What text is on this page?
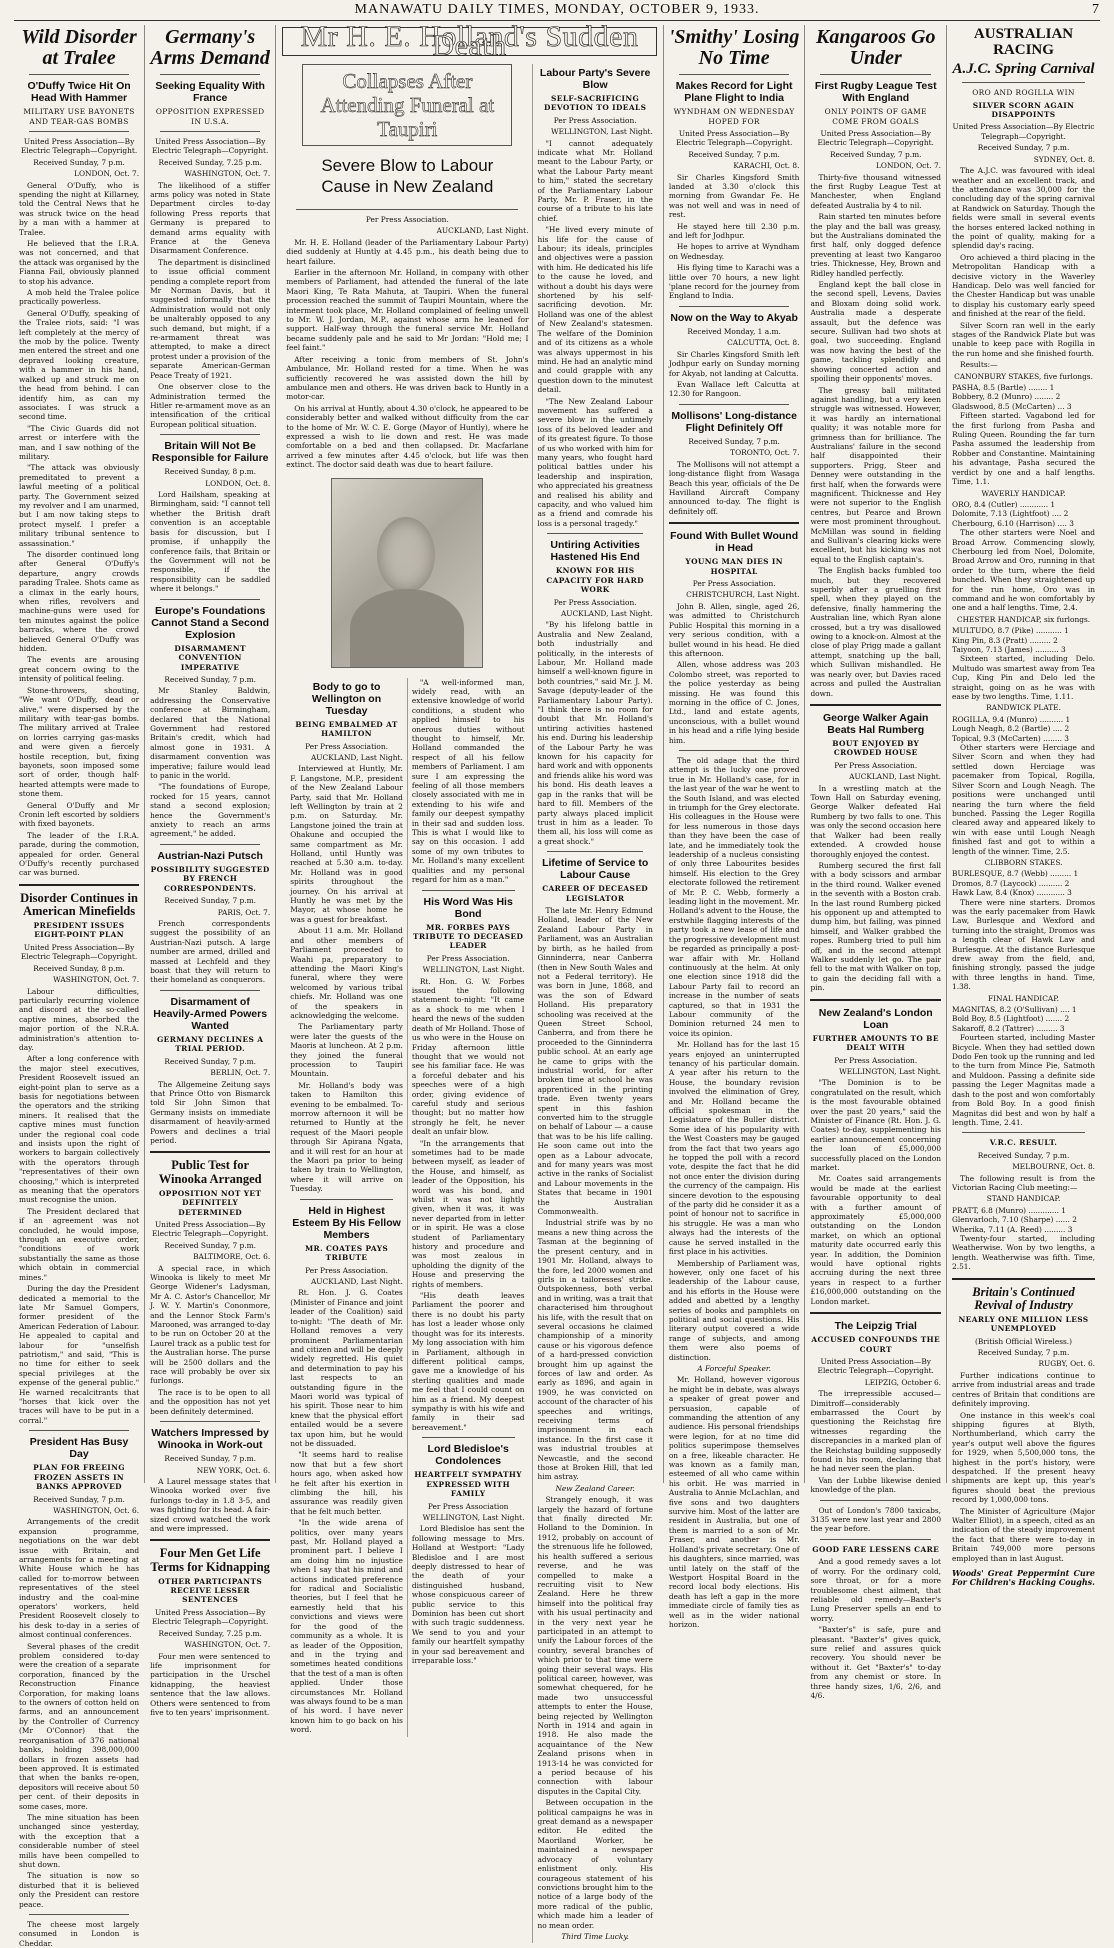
MANAWATU DAILY TIMES, MONDAY, OCTOBER 9, 1933.	7
Wild Disorder at Tralee
O'Duffy Twice Hit On Head With Hammer
MILITARY USE BAYONETS AND TEAR-GAS BOMBS
United Press Association—By Electric Telegraph—Copyright.
Received Sunday, 7 p.m.
LONDON, Oct. 7.

General O'Duffy, who is spending the night at Killarney, told the Central News that he was struck twice on the head by a man with a hammer at Tralee.

He believed that the I.R.A. was not concerned, and that the attack was organised by the Fianna Fail, obviously planned to stop his advance.

A mob held the Tralee police practically powerless.

General O'Duffy, speaking of the Tralee riots, said: "I was left completely at the mercy of the mob by the police. Twenty men entered the street and one depraved looking creature, with a hammer in his hand, walked up and struck me on the head from behind. I can identify him, as can my associates. I was struck a second time.

"The Civic Guards did not arrest or interfere with the man, and I saw nothing of the military.

"The attack was obviously premeditated to prevent a lawful meeting of a political party. The Government seized my revolver and I am unarmed, but I am now taking steps to protect myself. I prefer a military tribunal sentence to assassination."

The disorder continued long after General O'Duffy's departure, angry crowds parading Tralee. Shots came as a climax in the early hours, when rifles, revolvers and machine-guns were used for ten minutes against the police barracks, where the crowd believed General O'Duffy was hidden.

The events are arousing great concern owing to the intensity of political feeling.

Stone-throwers, shouting, "We want O'Duffy, dead or alive," were dispersed by the military with tear-gas bombs. The military arrived at Tralee on lorries carrying gas-masks and were given a fiercely hostile reception, but, fixing bayonets, soon imposed some sort of order, though half-hearted attempts were made to stone them.

General O'Duffy and Mr Cronin left escorted by soldiers with fixed bayonets.

The leader of the I.R.A. parade, during the commotion, appealed for order. General O'Duffy's recently purchased car was burned.

Disorder Continues in American Minefields
PRESIDENT ISSUES EIGHT-POINT PLAN
United Press Association—By Electric Telegraph—Copyright.
Received Sunday, 8 p.m.
WASHINGTON, Oct. 7.

Labour difficulties, particularly recurring violence and discord at the so-called captive mines, absorbed the major portion of the N.R.A. administration's attention to-day.

After a long conference with the major steel executives, President Roosevelt issued an eight-point plan to serve as a basis for negotiations between the operators and the striking miners. It realised that the captive mines must function under the regional coal code and insists upon the right of workers to bargain collectively with the operators through "representatives of their own choosing," which is interpreted as meaning that the operators must recognise the union.

The President declared that if an agreement was not concluded, he would impose, through an executive order, "conditions of work substantially the same as those which obtain in commercial mines."

During the day the President dedicated a memorial to the late Mr Samuel Gompers, former president of the American Federation of Labour. He appealed to capital and labour for "unselfish patriotism," and said, "This is no time for either to seek special privileges at the expense of the general public." He warned recalcitrants that "horses that kick over the traces will have to be put in a corral."

President Has Busy Day
PLAN FOR FREEING FROZEN ASSETS IN BANKS APPROVED
Received Sunday, 7 p.m.
WASHINGTON, Oct. 6.

Arrangements of the credit expansion programme, negotiations on the war debt issue with Britain, and arrangements for a meeting at White House which he has called for to-morrow between representatives of the steel industry and the coal-mine operators' workers, held President Roosevelt closely to his desk to-day in a series of almost continual conferences.

Several phases of the credit problem considered to-day were the creation of a separate corporation, financed by the Reconstruction Finance Corporation, for making loans to the owners of cotton held on farms, and an announcement by the Controller of Currency (Mr O'Connor) that the reorganisation of 376 national banks, holding 398,000,000 dollars in frozen assets had been approved. It is estimated that when the banks re-open, depositors will receive about 50 per cent. of their deposits in some cases, more.

The mine situation has been unchanged since yesterday, with the exception that a considerable number of steel mills have been compelled to shut down.

The situation is now so disturbed that it is believed only the President can restore peace.

The cheese most largely consumed in London is Cheddar.

Germany's Arms Demand
Seeking Equality With France
OPPOSITION EXPRESSED IN U.S.A.
United Press Association—By Electric Telegraph—Copyright.
Received Sunday, 7.25 p.m.
WASHINGTON, Oct. 7.

The likelihood of a stiffer arms policy was noted in State Department circles to-day following Press reports that Germany is prepared to demand arms equality with France at the Geneva Disarmament Conference.

The department is disinclined to issue official comment pending a complete report from Mr Norman Davis, but it suggested informally that the Administration would not only be unalterably opposed to any such demand, but might, if a re-armament threat was attempted, to make a direct protest under a provision of the separate American-German Peace Treaty of 1921.

One observer close to the Administration termed the Hitler re-armament move as an intensification of the critical European political situation.

Britain Will Not Be Responsible for Failure
Received Sunday, 8 p.m.
LONDON, Oct. 8.

Lord Hailsham, speaking at Birmingham, said: "I cannot tell whether the British draft convention is an acceptable basis for discussion, but I promise, if unhappily the conference fails, that Britain or the Government will not be responsible, if the responsibility can be saddled where it belongs."

Europe's Foundations Cannot Stand a Second Explosion
DISARMAMENT CONVENTION IMPERATIVE
Received Sunday, 7 p.m.

Mr Stanley Baldwin, addressing the Conservative conference at Birmingham, declared that the National Government had restored Britain's credit, which had almost gone in 1931. A disarmament convention was imperative; failure would lead to panic in the world.

"The foundations of Europe, rocked for 15 years, cannot stand a second explosion; hence the Government's anxiety to reach an arms agreement," he added.

Austrian-Nazi Putsch
POSSIBILITY SUGGESTED BY FRENCH CORRESPONDENTS.
Received Sunday, 7 p.m.
PARIS, Oct. 7.

French correspondents suggest the possibility of an Austrian-Nazi putsch. A large number are armed, drilled and massed at Lechfeld and they boast that they will return to their homeland as conquerors.

Disarmament of Heavily-Armed Powers Wanted
GERMANY DECLINES A TRIAL PERIOD.
Received Sunday, 7 p.m.
BERLIN, Oct. 7.

The Allgemeine Zeitung says that Prince Otto von Bismarck told Sir John Simon that Germany insists on immediate disarmament of heavily-armed Powers and declines a trial period.

Public Test for Winooka Arranged
OPPOSITION NOT YET DEFINITELY DETERMINED
United Press Association—By Electric Telegraph—Copyright.
Received Sunday, 7 p.m.
BALTIMORE, Oct. 6.

A special race, in which Winooka is likely to meet Mr George Widener's Ladysman, Mr A. C. Astor's Chancellor, Mr J. W. Y. Martin's Cononmore, and the Lennor Stock Farm's Marooned, was arranged to-day to be run on October 20 at the Laurel track as a public test for the Australian horse. The purse will be 2500 dollars and the race will probably be over six furlongs.

The race is to be open to all and the opposition has not yet been definitely determined.

Watchers Impressed by Winooka in Work-out
Received Sunday, 7 p.m.
NEW YORK, Oct. 6.

A Laurel message states that Winooka worked over five furlongs to-day in 1.8 3-5, and was fighting for its head. A fair-sized crowd watched the work and were impressed.

Four Men Get Life Terms for Kidnapping
OTHER PARTICIPANTS RECEIVE LESSER SENTENCES
United Press Association—By Electric Telegraph—Copyright.
Received Sunday, 7.25 p.m.
WASHINGTON, Oct. 7.

Four men were sentenced to life imprisonment for participation in the Urschel kidnapping, the heaviest sentence that the law allows. Others were sentenced to from five to ten years' imprisonment.

Mr H. E. Holland's Sudden Death
Collapses After Attending Funeral at Taupiri
Severe Blow to Labour Cause in New Zealand
Per Press Association.
AUCKLAND, Last Night.

Mr. H. E. Holland (leader of the Parliamentary Labour Party) died suddenly at Huntly at 4.45 p.m., his death being due to heart failure.

Earlier in the afternoon Mr. Holland, in company with other members of Parliament, had attended the funeral of the late Maori King, Te Rata Mahuta, at Taupiri. When the funeral procession reached the summit of Taupiri Mountain, where the interment took place, Mr. Holland complained of feeling unwell to Mr. W. J. Jordan, M.P., against whose arm he leaned for support. Half-way through the funeral service Mr. Holland became suddenly pale and he said to Mr Jordan: "Hold me; I feel faint."

After receiving a tonic from members of St. John's Ambulance, Mr. Holland rested for a time. When he was sufficiently recovered he was assisted down the hill by ambulance men and others. He was driven back to Huntly in a motor-car.

On his arrival at Huntly, about 4.30 o'clock, he appeared to be considerably better and walked without difficulty from the car to the home of Mr. W. C. E. Gorge (Mayor of Huntly), where he expressed a wish to lie down and rest. He was made comfortable on a bed and then collapsed. Dr. Macfarlane arrived a few minutes after 4.45 o'clock, but life was then extinct. The doctor said death was due to heart failure.

Body to go to Wellington on Tuesday
BEING EMBALMED AT HAMILTON
Per Press Association.
AUCKLAND, Last Night.

Interviewed at Huntly, Mr. F. Langstone, M.P., president of the New Zealand Labour Party, said that Mr. Holland left Wellington by train at 2 p.m. on Saturday. Mr. Langstone joined the train at Ohakune and occupied the same compartment as Mr. Holland, until Huntly was reached at 5.30 a.m. to-day. Mr. Holland was in good spirits throughout the journey. On his arrival at Huntly he was met by the Mayor, at whose home he was a guest for breakfast.

About 11 a.m. Mr. Holland and other members of Parliament proceeded to Waahi pa, preparatory to attending the Maori King's funeral, where they were welcomed by various tribal chiefs. Mr. Holland was one of the speakers in acknowledging the welcome.

The Parliamentary party were later the guests of the Maoris at luncheon. At 2 p.m. they joined the funeral procession to Taupiri Mountain.

Mr. Holland's body was taken to Hamilton this evening to be embalmed. To-morrow afternoon it will be returned to Huntly at the request of the Maori people through Sir Apirana Ngata, and it will rest for an hour at the Maori pa prior to being taken by train to Wellington, where it will arrive on Tuesday.

Held in Highest Esteem By His Fellow Members
MR. COATES PAYS TRIBUTE
Per Press Association.
AUCKLAND, Last Night.

Rt. Hon. J. G. Coates (Minister of Finance and joint leader of the Coalition) said to-night: "The death of Mr. Holland removes a very prominent Parliamentarian and citizen and will be deeply widely regretted. His quiet and determination to pay his last respects to an outstanding figure in the Maori world was typical of his spirit. Those near to him knew that the physical effort entailed would be a severe tax upon him, but he would not be dissuaded.

"It seems hard to realise now that but a few short hours ago, when asked how he felt after his exertion in climbing the hill, his assurance was readily given that he felt much better.

"In the wide arena of politics, over many years past, Mr. Holland played a prominent part. I believe I am doing him no injustice when I say that his mind and actions indicated preference for radical and Socialistic theories, but I feel that he earnestly held that his convictions and views were for the good of the community as a whole. It is as leader of the Opposition, and in the trying and sometimes heated conditions that the test of a man is often applied. Under those circumstances Mr. Holland was always found to be a man of his word. I have never known him to go back on his word.

"A well-informed man, widely read, with an extensive knowledge of world conditions, a student who applied himself to his onerous duties without thought to himself, Mr. Holland commanded the respect of all his fellow members of Parliament. I am sure I am expressing the feeling of all those members closely associated with me in extending to his wife and family our deepest sympathy in their sad and sudden loss. This is what I would like to say on this occasion. I add some of my own tributes to Mr. Holland's many excellent qualities and my personal regard for him as a man."

His Word Was His Bond
MR. FORBES PAYS TRIBUTE TO DECEASED LEADER
Per Press Association.
WELLINGTON, Last Night.

Rt. Hon. G. W. Forbes issued the following statement to-night: "It came as a shock to me when I heard the news of the sudden death of Mr Holland. Those of us who were in the House on Friday afternoon little thought that we would not see his familiar face. He was a forceful debater and his speeches were of a high order, giving evidence of careful study and serious thought; but no matter how strongly he felt, he never dealt an unfair blow.

"In the arrangements that sometimes had to be made between myself, as leader of the House, and himself, as leader of the Opposition, his word was his bond, and whilst it was not lightly given, when it was, it was never departed from in letter or in spirit. He was a close student of Parliamentary history and procedure and was most zealous in upholding the dignity of the House and preserving the rights of members.

"His death leaves Parliament the poorer and there is no doubt his party has lost a leader whose only thought was for its interests. My long association with him in Parliament, although in different political camps, gave me a knowledge of his sterling qualities and made me feel that I could count on him as a friend. My deepest sympathy is with his wife and family in their sad bereavement."

Lord Bledisloe's Condolences
HEARTFELT SYMPATHY EXPRESSED WITH FAMILY
Per Press Association
WELLINGTON, Last Night.

Lord Bledisloe has sent the following message to Mrs. Holland at Westport: "Lady Bledisloe and I are most deeply distressed to hear of the death of your distinguished husband, whose conspicuous career of public service to this Dominion has been cut short with such tragic suddenness. We send to you and your family our heartfelt sympathy in your sad bereavement and irreparable loss."

Labour Party's Severe Blow
SELF-SACRIFICING DEVOTION TO IDEALS
Per Press Association.
WELLINGTON, Last Night.

"I cannot adequately indicate what Mr. Holland meant to the Labour Party, or what the Labour Party meant to him," stated the secretary of the Parliamentary Labour Party, Mr. P. Fraser, in the course of a tribute to his late chief.

"He lived every minute of his life for the cause of Labour; its ideals, principles and objectives were a passion with him. He dedicated his life to the cause he loved, and without a doubt his days were shortened by his self-sacrificing devotion. Mr. Holland was one of the ablest of New Zealand's statesmen. The welfare of the Dominion and of its citizens as a whole was always uppermost in his mind. He had an analytic mind and could grapple with any question down to the minutest detail.

"The New Zealand Labour movement has suffered a severe blow in the untimely loss of its beloved leader and of its greatest figure. To those of us who worked with him for many years, who fought hard political battles under his leadership and inspiration, who appreciated his greatness and realised his ability and capacity, and who valued him as a friend and comrade his loss is a personal tragedy."

Untiring Activities Hastened His End
KNOWN FOR HIS CAPACITY FOR HARD WORK
Per Press Association.
AUCKLAND, Last Night.

"By his lifelong battle in Australia and New Zealand, both industrially and politically, in the interests of Labour, Mr. Holland made himself a well-known figure in both countries," said Mr. J. M. Savage (deputy-leader of the Parliamentary Labour Party). "I think there is no room for doubt that Mr. Holland's untiring activities hastened his end. During his leadership of the Labour Party he was known for his capacity for hard work and with opponents and friends alike his word was his bond. His death leaves a gap in the ranks that will be hard to fill. Members of the party always placed implicit trust in him as a leader. To them all, his loss will come as a great shock."

Lifetime of Service to Labour Cause
CAREER OF DECEASED LEGISLATOR

The late Mr. Henry Edmund Holland, leader of the New Zealand Labour Party in Parliament, was an Australian by birth, as he hailed from Ginninderra, near Canberra (then in New South Wales and not a Federal territory). He was born in June, 1868, and was the son of Edward Holland. His preparatory schooling was received at the Queen Street School, Canberra, and from there he proceeded to the Ginninderra public school. At an early age he came to grips with the industrial world, for after broken time at school he was apprenticed in the printing trade. Even twenty years spent in this fashion converted him to the struggle on behalf of Labour — a cause that was to be his life calling. He soon came out into the open as a Labour advocate, and for many years was most active in the ranks of Socialist and Labour movements in the States that became in 1901 the Australian Commonwealth.

Industrial strife was by no means a new thing across the Tasman at the beginning of the present century, and in 1901 Mr. Holland, always to the fore, led 2000 women and girls in a tailoresses' strike. Outspokenness, both verbal and in writing, was a trait that characterised him throughout his life, with the result that on several occasions he claimed championship of a minority cause or his vigorous defence of a hard-pressed conviction brought him up against the forces of law and order. As early as 1896, and again in 1909, he was convicted on account of the character of his speeches and writings, receiving terms of imprisonment in each instance. In the first case it was industrial troubles at Newcastle, and the second those at Broken Hill, that led him astray.

New Zealand Career.

Strangely enough, it was largely the hazard of fortune that finally directed Mr. Holland to the Dominion. In 1912, probably on account of the strenuous life he followed, his health suffered a serious reverse, and he was compelled to make a recruiting visit to New Zealand. Here he threw himself into the political fray with his usual pertinacity and in the very next year he participated in an attempt to unify the Labour forces of the country, several branches of which prior to that time were going their several ways. His political career, however, was somewhat chequered, for he made two unsuccessful attempts to enter the House, being rejected by Wellington North in 1914 and again in 1918. He also made the acquaintance of the New Zealand prisons when in 1913-14 he was convicted for a period because of his connection with labour disputes in the Capital City.

Between occupation in the political campaigns he was in great demand as a newspaper editor. He edited the Maoriland Worker, he maintained a newspaper advocacy of voluntary enlistment only. His courageous statement of his convictions brought him to the notice of a large body of the more radical of the public, which made him a leader of no mean order.

Third Time Lucky.
'Smithy' Losing No Time
Makes Record for Light Plane Flight to India
WYNDHAM ON WEDNESDAY HOPED FOR
United Press Association—By Electric Telegraph—Copyright.
Received Sunday, 7 p.m.
KARACHI, Oct. 8.

Sir Charles Kingsford Smith landed at 3.30 o'clock this morning from Gwandar Fe. He was not well and was in need of rest.

He stayed here till 2.30 p.m. and left for Jodhpur.

He hopes to arrive at Wyndham on Wednesday.

His flying time to Karachi was a little over 70 hours, a new light 'plane record for the journey from England to India.

Now on the Way to Akyab
Received Monday, 1 a.m.
CALCUTTA, Oct. 8.

Sir Charles Kingsford Smith left Jodhpur early on Sunday morning for Akyab, not landing at Calcutta.

Evan Wallace left Calcutta at 12.30 for Rangoon.

Mollisons' Long-distance Flight Definitely Off
Received Sunday, 7 p.m.
TORONTO, Oct. 7.

The Mollisons will not attempt a long-distance flight from Wasaga Beach this year, officials of the De Havilland Aircraft Company announced to-day. The flight is definitely off.

Found With Bullet Wound in Head
YOUNG MAN DIES IN HOSPITAL
Per Press Association.
CHRISTCHURCH, Last Night.

John B. Allen, single, aged 26, was admitted to Christchurch Public Hospital this morning in a very serious condition, with a bullet wound in his head. He died this afternoon.

Allen, whose address was 203 Colombo street, was reported to the police yesterday as being missing. He was found this morning in the office of C. Jones, Ltd., land and estate agents, unconscious, with a bullet wound in his head and a rifle lying beside him.

The old adage that the third attempt is the lucky one proved true in Mr. Holland's case, for in the last year of the war he went to the South Island, and was elected in triumph for the Grey electorate. His colleagues in the House were for less numerous in those days than they have been the case of late, and he immediately took the leadership of a nucleus consisting of only three Labourites besides himself. His election to the Grey electorate followed the retirement of Mr. P. C. Webb, formerly a leading light in the movement. Mr. Holland's advent to the House, the erstwhile flagging interests of the party took a new lease of life and the progressive development must be regarded as principally a post-war affair with Mr. Holland continuously at the helm. At only one election since 1918 did the Labour Party fail to record an increase in the number of seats captured, so that in 1931 the Labour community of the Dominion returned 24 men to voice its opinion.

Mr. Holland has for the last 15 years enjoyed an uninterrupted tenancy of his particular domain. A year after his return to the House, the boundary revision involved the elimination of Grey, and Mr. Holland became the official spokesman in the Legislature of the Buller district. Some idea of his popularity with the West Coasters may be gauged from the fact that two years ago he topped the poll with a record vote, despite the fact that he did not once enter the division during the currency of the campaign. His sincere devotion to the espousing of the party did he consider it as a point of honour not to sacrifice in his struggle. He was a man who always had the interests of the cause he served installed in the first place in his activities.

Membership of Parliament was, however, only one facet of his leadership of the Labour cause, and his efforts in the House were added and abetted by a lengthy series of books and pamphlets on political and social questions. His literary output covered a wide range of subjects, and among them were also poems of distinction.

A Forceful Speaker.

Mr. Holland, however vigorous he might be in debate, was always a speaker of great power and persuasion, capable of commanding the attention of any audience. His personal friendships were legion, for at no time did politics superimpose themselves on a free, likeable character. He was known as a family man, esteemed of all who came within his orbit. He was married in Australia to Annie McLachlan, and five sons and two daughters survive him. Most of the latter are resident in Australia, but one of them is married to a son of Mr. Fraser, and another is Mr. Holland's private secretary. One of his daughters, since married, was until lately on the staff of the Westport Hospital Board in the record local body elections. His death has left a gap in the more immediate circle of family ties as well as in the wider national horizon.

Kangaroos Go Under
First Rugby League Test With England
ONLY POINTS OF GAME COME FROM GOALS
United Press Association—By Electric Telegraph—Copyright.
Received Sunday, 7 p.m.
LONDON, Oct. 7.

Thirty-five thousand witnessed the first Rugby League Test at Manchester, when England defeated Australia by 4 to nil.

Rain started ten minutes before the play and the ball was greasy, but the Australians dominated the first half, only dogged defence preventing at least two Kangaroo tries. Thicknesse, Hey, Brown and Ridley handled perfectly.

England kept the ball close in the second spell, Levens, Davies and Bloxam doing solid work. Australia made a desperate assault, but the defence was secure. Sullivan had two shots at goal, two succeeding. England was now having the best of the game, tackling splendidly and showing concerted action and spoiling their opponents' moves.

The greasy ball militated against handling, but a very keen struggle was witnessed. However, it was hardly an international quality; it was notable more for grimness than for brilliance. The Australians' failure in the second half disappointed their supporters. Prigg, Steer and Denney were outstanding in the first half, when the forwards were magnificent. Thicknesse and Hey were not superior to the English centres, but Pearce and Brown were most prominent throughout. McMillan was sound in fielding and Sullivan's clearing kicks were excellent, but his kicking was not equal to the English captain's.

The English backs fumbled too much, but they recovered superbly after a gruelling first spell, when they played on the defensive, finally hammering the Australian line, which Ryan alone crossed, but a try was disallowed owing to a knock-on. Almost at the close of play Prigg made a gallant attempt, snatching up the ball, which Sullivan mishandled. He was nearly over, but Davies raced across and pulled the Australian down.

George Walker Again Beats Hal Rumberg
BOUT ENJOYED BY CROWDED HOUSE
Per Press Association.
AUCKLAND, Last Night.

In a wrestling match at the Town Hall on Saturday evening, George Walker defeated Hal Rumberg by two falls to one. This was only the second occasion here that Walker had been really extended. A crowded house thoroughly enjoyed the contest.

Rumberg secured the first fall with a body scissors and armbar in the third round. Walker evened in the seventh with a Boston crab. In the last round Rumberg picked his opponent up and attempted to dump him, but failing, was pinned himself, and Walker grabbed the ropes. Rumberg tried to pull him off, and in the second attempt Walker suddenly let go. The pair fell to the mat with Walker on top, to gain the deciding fall with a pin.

New Zealand's London Loan
FURTHER AMOUNTS TO BE DEALT WITH
Per Press Association.
WELLINGTON, Last Night.

"The Dominion is to be congratulated on the result, which is the most favourable obtained over the past 20 years," said the Minister of Finance (Rt. Hon. J. G. Coates) to-day, supplementing his earlier announcement concerning the loan of £5,000,000 successfully placed on the London market.

Mr. Coates said arrangements would be made at the earliest favourable opportunity to deal with a further amount of approximately £5,000,000 outstanding on the London market, on which an optional maturity date occurred early this year. In addition, the Dominion would have optional rights accruing during the next three years in respect to a further £16,000,000 outstanding on the London market.

The Leipzig Trial
ACCUSED CONFOUNDS THE COURT
United Press Association—By Electric Telegraph—Copyright.
LEIPZIG, October 6.

The irrepressible accused—Dimitroff—considerably embarrassed the Court by questioning the Reichstag fire witnesses regarding the discrepancies in a marked plan of the Reichstag building supposedly found in his room, declaring that he had never seen the plan.

Van der Lubbe likewise denied knowledge of the plan.

Out of London's 7800 taxicabs, 3135 were new last year and 2800 the year before.

GOOD FARE LESSENS CARE

And a good remedy saves a lot of worry. For the ordinary cold, sore throat, or for a more troublesome chest ailment, that reliable old remedy—Baxter's Lung Preserver spells an end to worry.

"Baxter's" is safe, pure and pleasant. "Baxter's" gives quick, sure relief and assures quick recovery. You should never be without it. Get "Baxter's" to-day from any chemist or store. In three handy sizes, 1/6, 2/6, and 4/6.

AUSTRALIAN RACING
A.J.C. Spring Carnival
ORO AND ROGILLA WIN
SILVER SCORN AGAIN DISAPPOINTS
United Press Association—By Electric Telegraph—Copyright.
Received Sunday, 7 p.m.
SYDNEY, Oct. 8.

The A.J.C. was favoured with ideal weather and an excellent track, and the attendance was 30,000 for the concluding day of the spring carnival at Randwick on Saturday. Though the fields were small in several events the horses entered lacked nothing in the point of quality, making for a splendid day's racing.

Oro achieved a third placing in the Metropolitan Handicap with a decisive victory in the Waverley Handicap. Delo was well fancied for the Chester Handicap but was unable to display his customary early speed and finished at the rear of the field.

Silver Scorn ran well in the early stages of the Randwick Plate but was unable to keep pace with Rogilla in the run home and she finished fourth.

Results:—

CANONBURY STAKES, five furlongs.
PASHA, 8.5 (Bartle) ........ 1
Bobbery, 8.2 (Munro) ........ 2
Gladswood, 8.5 (McCarten) ... 3

Fifteen started. Vagabond led for the first furlong from Pasha and Ruling Queen. Rounding the far turn Pasha assumed the leadership from Robber and Constantine. Maintaining his advantage, Pasha secured the verdict by one and a half lengths. Time, 1.1.

WAVERLY HANDICAP.
ORO, 8.4 (Cutler) ............ 1
Dolomite, 7.13 (Lightfoot) .... 2
Cherbourg, 6.10 (Harrison) .... 3

The other starters were Noel and Broad Arrow. Commencing slowly, Cherbourg led from Noel, Dolomite, Broad Arrow and Oro, running in that order to the turn, where the field bunched. When they straightened up for the run home, Oro was in command and he won comfortably by one and a half lengths. Time, 2.4.

CHESTER HANDICAP, six furlongs.
MULTUDO, 8.7 (Pike) ........... 1
King Pin, 8.3 (Pratt) ......... 2
Taiyoon, 7.13 (James) .......... 3

Sixteen started, including Delo. Multudo was smartest away from Tea Cup, King Pin and Delo led the straight, going on as he was with ease by two lengths. Time, 1.11.

RANDWICK PLATE.
ROGILLA, 9.4 (Munro) .......... 1
Lough Neagh, 8.2 (Bartle) .... 2
Topical, 9.3 (McCarten) ........ 3

Other starters were Herciage and Silver Scorn and when they had settled down Herciage was pacemaker from Topical, Rogilla, Silver Scorn and Lough Neagh. The positions were unchanged until nearing the turn where the field bunched. Passing the Leger Rogilla cleared away and appeared likely to win with ease until Lough Neagh finished fast and got to within a length of the winner. Time, 2.5.

CLIBBORN STAKES.
BURLESQUE, 8.7 (Webb) ......... 1
Dromos, 8.7 (Laycock) .......... 2
Hawk Law, 8.4 (Knox) ............ 3

There were nine starters. Dromos was the early pacemaker from Hawk Law, Burlesque and Wexford and turning into the straight, Dromos was a length clear of Hawk Law and Burlesque. At the distance Burlesque drew away from the field, and, finishing strongly, passed the judge with three lengths in hand. Time, 1.38.

FINAL HANDICAP.
MAGNITAS, 8.2 (O'Sullivan) .... 1
Bold Boy, 8.5 (Lightfoot) ....... 2
Sakaroff, 8.2 (Tattrer) ......... 3

Fourteen started, including Master Bicycle. When they had settled down Dodo Fen took up the running and led to the turn from Mince Pie, Satmoth and Muldoon. Passing a definite side passing the Leger Magnitas made a dash to the post and won comfortably from Bold Boy. In a good finish Magnitas did best and won by half a length. Time, 2.41.

V.R.C. RESULT.
Received Sunday, 7 p.m.
MELBOURNE, Oct. 8.

The following result is from the Victorian Racing Club meeting:—

STAND HANDICAP.
PRATT, 6.8 (Munro) ............. 1
Glenvarloch, 7.10 (Sharpe) ...... 2
Wherika, 7.11 (A. Reed) ......... 3

Twenty-four started, including Weatherwise. Won by two lengths, a length. Weatherwise was fifth. Time, 2.51.

Britain's Continued Revival of Industry
NEARLY ONE MILLION LESS UNEMPLOYED
(British Official Wireless.)
Received Sunday, 7 p.m.
RUGBY, Oct. 6.

Further indications continue to arrive from industrial areas and trade centres of Britain that conditions are definitely improving.

One instance in this week's coal shipping figures at Blyth, Northumberland, which carry the year's output well above the figures for 1929, when 5,500,000 tons, the highest in the port's history, were despatched. If the present heavy shipments are kept up, this year's figures should beat the previous record by 1,000,000 tons.

The Minister of Agriculture (Major Walter Elliot), in a speech, cited as an indication of the steady improvement the fact that there were to-day in Britain 749,000 more persons employed than in last August.

Woods' Great Peppermint Cure For Children's Hacking Coughs.
